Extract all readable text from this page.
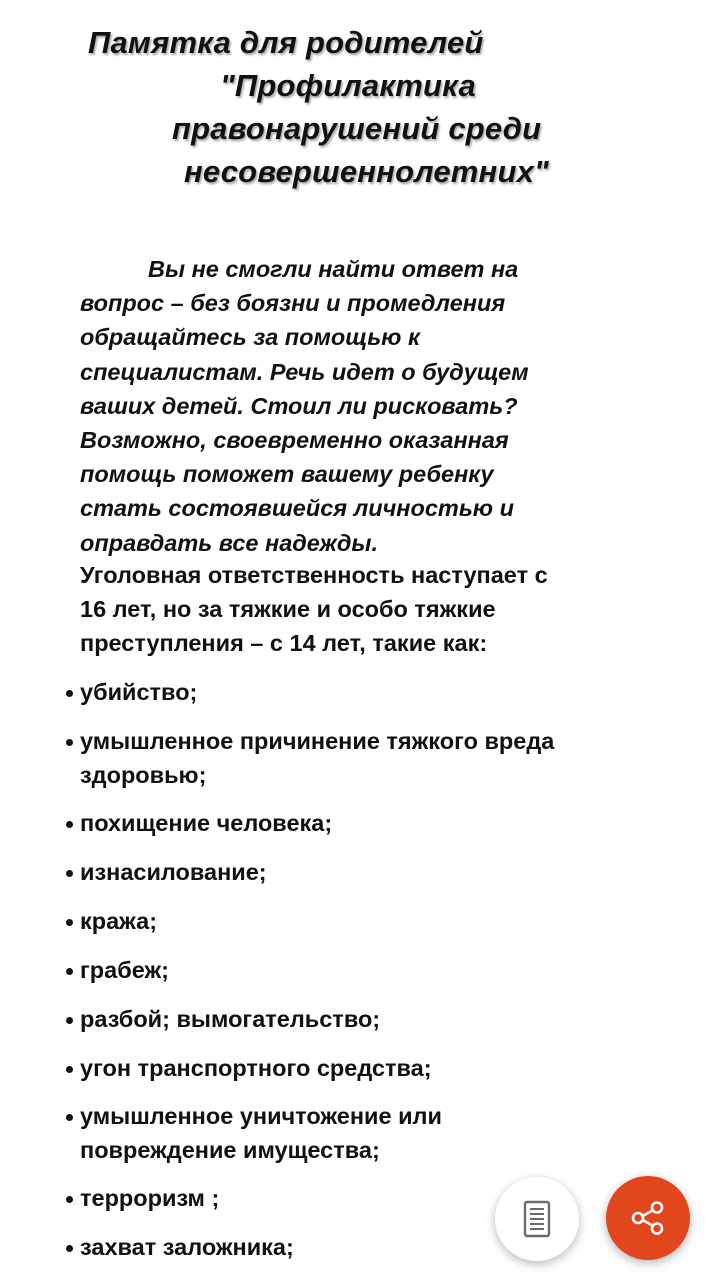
Памятка для родителей
"Профилактика
правонарушений среди
несовершеннолетних"
Вы не смогли найти ответ на
вопрос – без боязни и промедления
обращайтесь за помощью к
специалистам. Речь идет о будущем
ваших детей. Стоил ли рисковать?
Возможно, своевременно оказанная
помощь поможет вашему ребенку
стать состоявшейся личностью и
оправдать все надежды.
Уголовная ответственность наступает с
16 лет, но за тяжкие и особо тяжкие
преступления – с 14 лет, такие как:
убийство;
умышленное причинение тяжкого вреда
здоровью;
похищение человека;
изнасилование;
кража;
грабеж;
разбой; вымогательство;
угон транспортного средства;
умышленное уничтожение или
повреждение имущества;
терроризм ;
захват заложника;
